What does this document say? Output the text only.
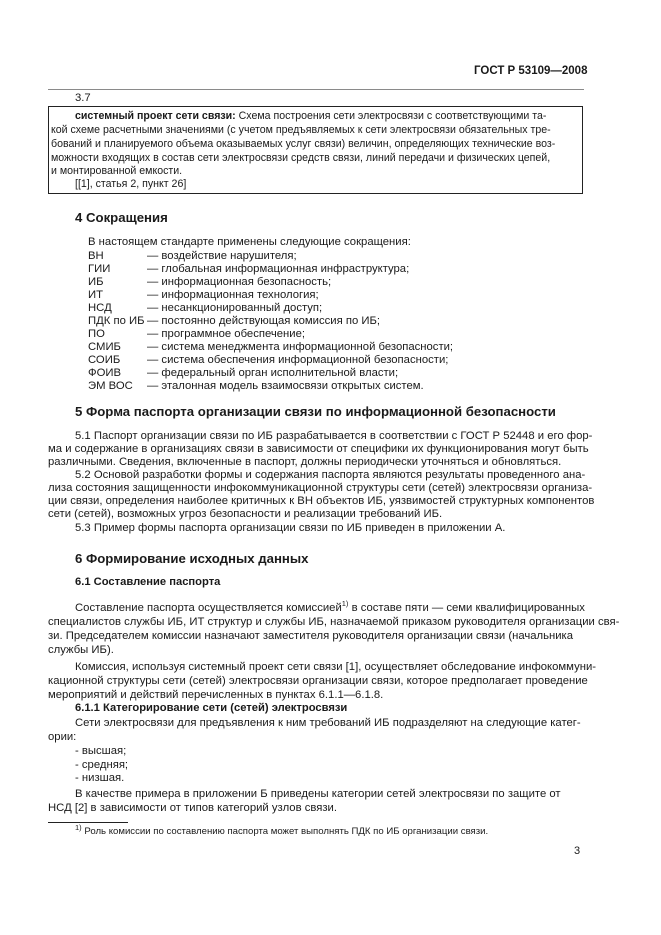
ГОСТ Р 53109—2008
3.7
системный проект сети связи: Схема построения сети электросвязи с соответствующими та-
кой схеме расчетными значениями (с учетом предъявляемых к сети электросвязи обязательных тре-
бований и планируемого объема оказываемых услуг связи) величин, определяющих технические воз-
можности входящих в состав сети электросвязи средств связи, линий передачи и физических цепей,
и монтированной емкости.
[[1], статья 2, пункт 26]
4 Сокращения
В настоящем стандарте применены следующие сокращения:
ВН	— воздействие нарушителя;
ГИИ	— глобальная информационная инфраструктура;
ИБ	— информационная безопасность;
ИТ	— информационная технология;
НСД	— несанкционированный доступ;
ПДК по ИБ — постоянно действующая комиссия по ИБ;
ПО	— программное обеспечение;
СМИБ — система менеджмента информационной безопасности;
СОИБ — система обеспечения информационной безопасности;
ФОИВ — федеральный орган исполнительной власти;
ЭМ ВОС — эталонная модель взаимосвязи открытых систем.
5 Форма паспорта организации связи по информационной безопасности
5.1 Паспорт организации связи по ИБ разрабатывается в соответствии с ГОСТ Р 52448 и его фор-
ма и содержание в организациях связи в зависимости от специфики их функционирования могут быть
различными. Сведения, включенные в паспорт, должны периодически уточняться и обновляться.
5.2 Основой разработки формы и содержания паспорта являются результаты проведенного ана-
лиза состояния защищенности инфокоммуникационной структуры сети (сетей) электросвязи организа-
ции связи, определения наиболее критичных к ВН объектов ИБ, уязвимостей структурных компонентов
сети (сетей), возможных угроз безопасности и реализации требований ИБ.
5.3 Пример формы паспорта организации связи по ИБ приведен в приложении А.
6 Формирование исходных данных
6.1 Составление паспорта
Составление паспорта осуществляется комиссией$^{1)}$ в составе пяти — семи квалифицированных
специалистов службы ИБ, ИТ структур и службы ИБ, назначаемой приказом руководителя организации свя-
зи. Председателем комиссии назначают заместителя руководителя организации связи (начальника
службы ИБ).
Комиссия, используя системный проект сети связи [1], осуществляет обследование инфокоммуни-
кационной структуры сети (сетей) электросвязи организации связи, которое предполагает проведение
мероприятий и действий перечисленных в пунктах 6.1.1—6.1.8.
6.1.1 Категорирование сети (сетей) электросвязи
Сети электросвязи для предъявления к ним требований ИБ подразделяют на следующие катег-
ории:
- высшая;
- средняя;
- низшая.
В качестве примера в приложении Б приведены категории сетей электросвязи по защите от
НСД [2] в зависимости от типов категорий узлов связи.
$^{1)}$ Роль комиссии по составлению паспорта может выполнять ПДК по ИБ организации связи.
3
